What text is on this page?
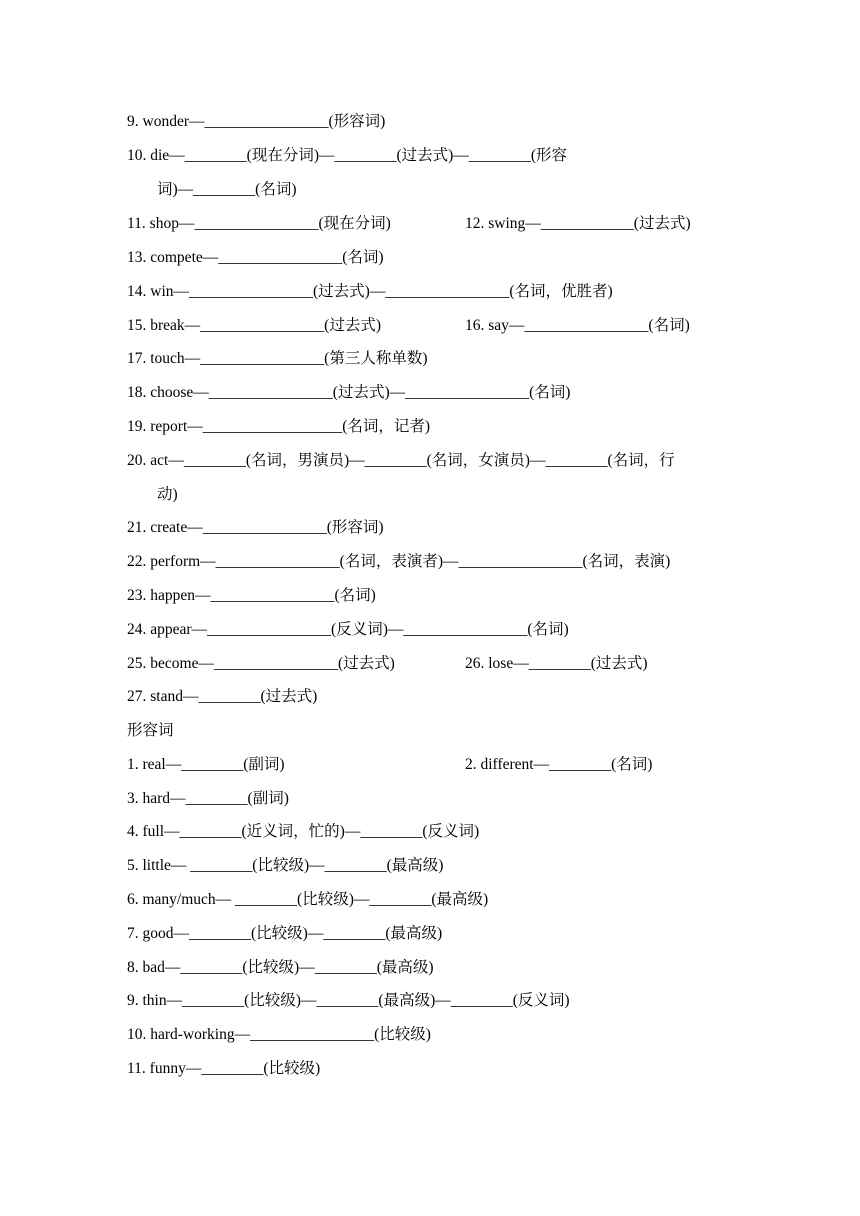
9. wonder—________________(形容词)
10. die—________(现在分词)—________(过去式)—________(形容
词)—________(名词)
11. shop—________________(现在分词)	12. swing—____________(过去式)
13. compete—________________(名词)
14. win—________________(过去式)—________________(名词，优胜者)
15. break—________________(过去式)	16. say—________________(名词)
17. touch—________________(第三人称单数)
18. choose—________________(过去式)—________________(名词)
19. report—__________________(名词，记者)
20. act—________(名词，男演员)—________(名词，女演员)—________(名词，行
动)
21. create—________________(形容词)
22. perform—________________(名词，表演者)—________________(名词，表演)
23. happen—________________(名词)
24. appear—________________(反义词)—________________(名词)
25. become—________________(过去式)	26. lose—________(过去式)
27. stand—________(过去式)
形容词
1. real—________(副词)	2. different—________(名词)
3. hard—________(副词)
4. full—________(近义词，忙的)—________(反义词)
5. little— ________(比较级)—________(最高级)
6. many/much— ________(比较级)—________(最高级)
7. good—________(比较级)—________(最高级)
8. bad—________(比较级)—________(最高级)
9. thin—________(比较级)—________(最高级)—________(反义词)
10. hard-working—________________(比较级)
11. funny—________(比较级)
